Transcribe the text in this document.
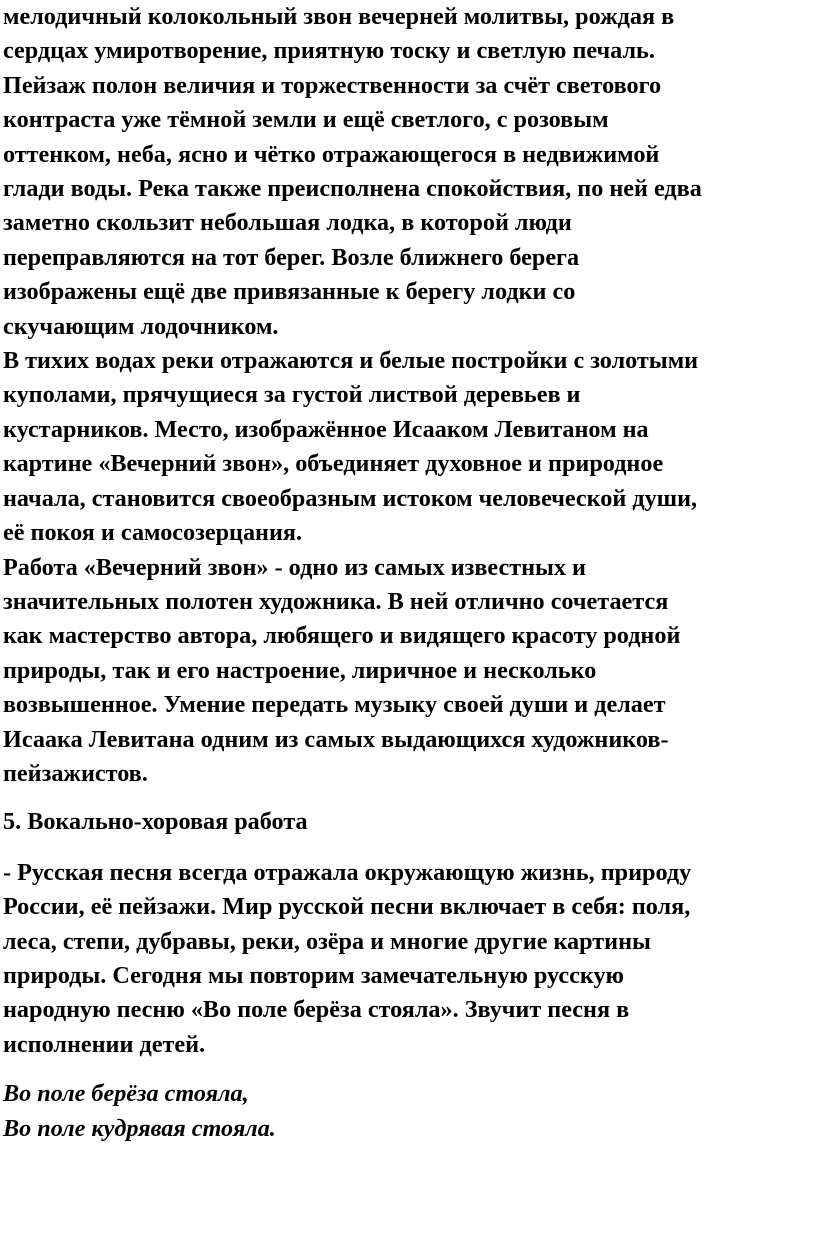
мелодичный колокольный звон вечерней молитвы, рождая в
сердцах умиротворение, приятную тоску и светлую печаль.
Пейзаж полон величия и торжественности за счёт светового
контраста уже тёмной земли и ещё светлого, с розовым
оттенком, неба, ясно и чётко отражающегося в недвижимой
глади воды. Река также преисполнена спокойствия, по ней едва
заметно скользит небольшая лодка, в которой люди
переправляются на тот берег. Возле ближнего берега
изображены ещё две привязанные к берегу лодки со
скучающим лодочником.

В тихих водах реки отражаются и белые постройки с золотыми
куполами, прячущиеся за густой листвой деревьев и
кустарников. Место, изображённое Исааком Левитаном на
картине «Вечерний звон», объединяет духовное и природное
начала, становится своеобразным истоком человеческой души,
её покоя и самосозерцания.

Работа «Вечерний звон» - одно из самых известных и
значительных полотен художника. В ней отлично сочетается
как мастерство автора, любящего и видящего красоту родной
природы, так и его настроение, лиричное и несколько
возвышенное. Умение передать музыку своей души и делает
Исаака Левитана одним из самых выдающихся художников-
пейзажистов.

5. Вокально-хоровая работа

- Русская песня всегда отражала окружающую жизнь, природу
России, её пейзажи. Мир русской песни включает в себя: поля,
леса, степи, дубравы, реки, озёра и многие другие картины
природы. Сегодня мы повторим замечательную русскую
народную песню «Во поле берёза стояла». Звучит песня в
исполнении детей.

Во поле берёза стояла,
Во поле кудрявая стояла.
